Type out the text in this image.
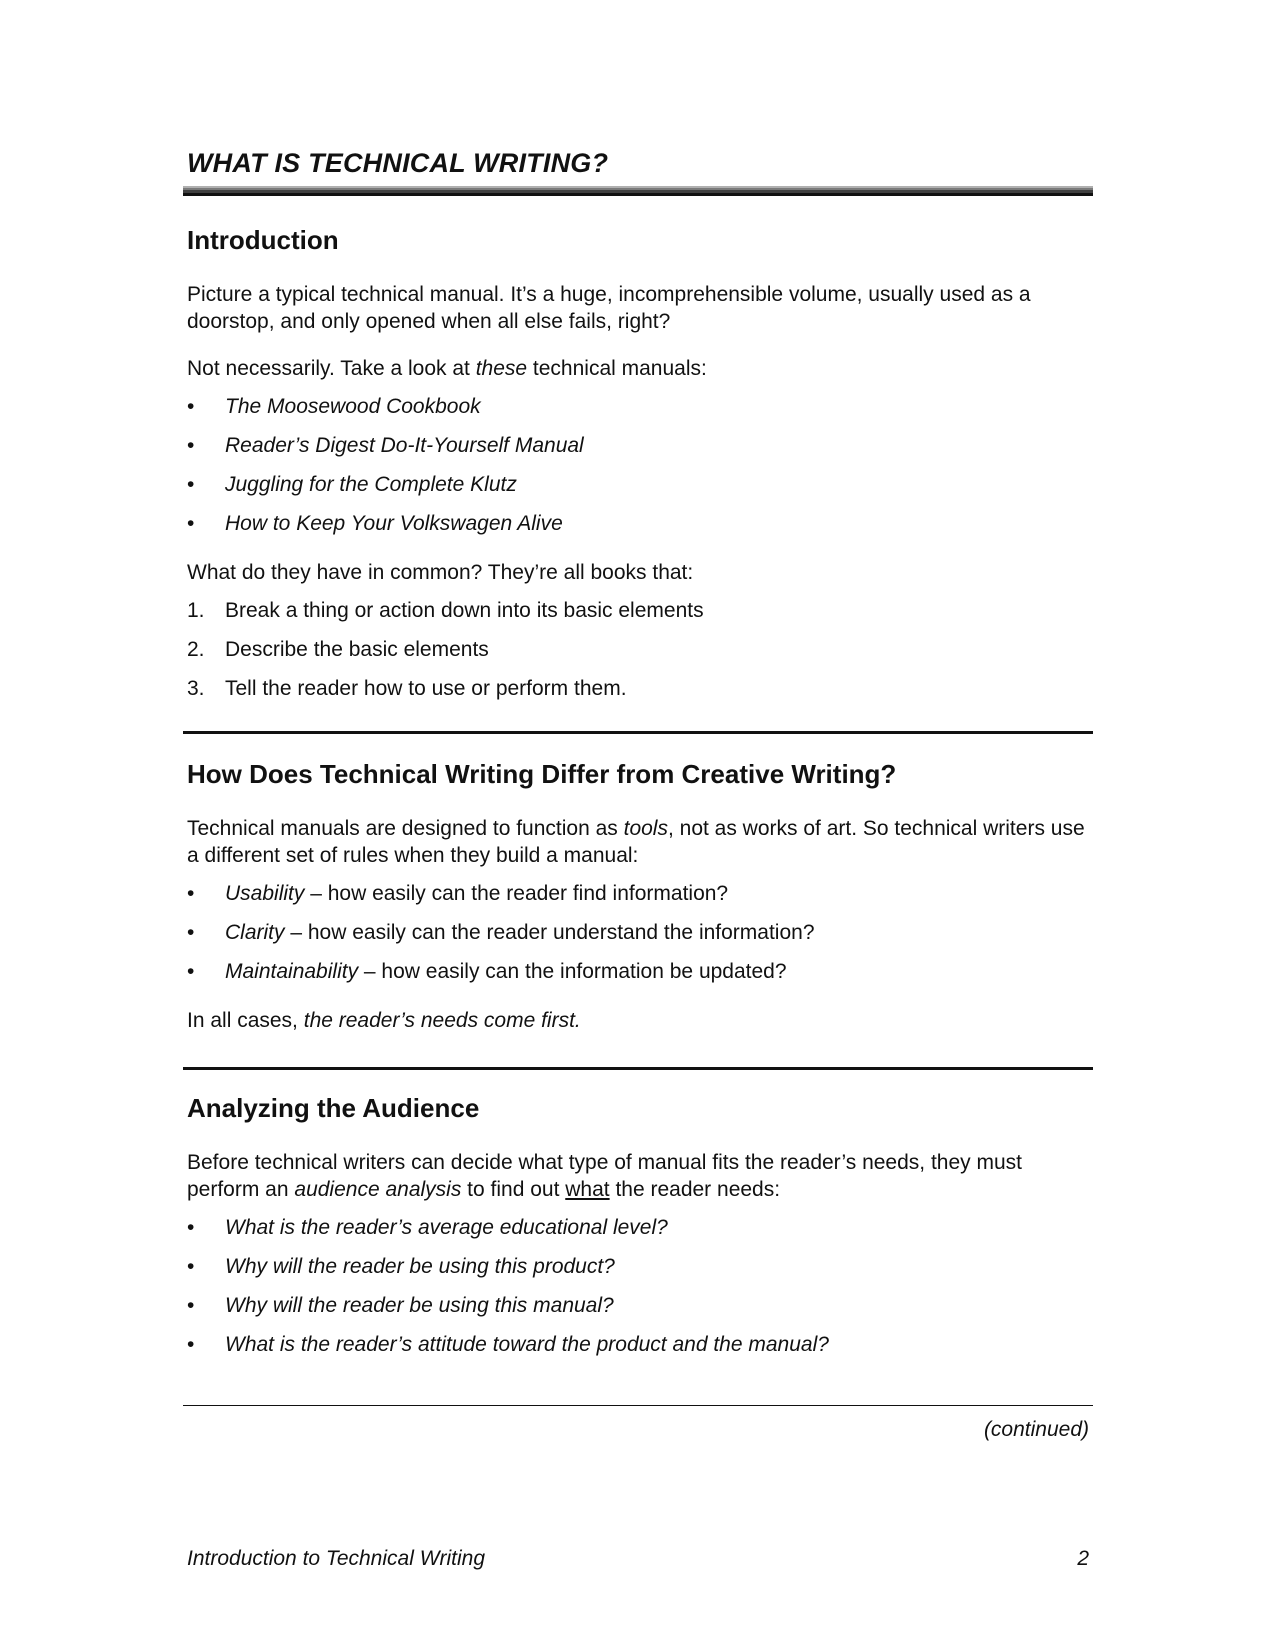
WHAT IS TECHNICAL WRITING?
Introduction

Picture a typical technical manual. It’s a huge, incomprehensible volume, usually used as a doorstop, and only opened when all else fails, right?

Not necessarily. Take a look at these technical manuals:

•	The Moosewood Cookbook
•	Reader’s Digest Do-It-Yourself Manual
•	Juggling for the Complete Klutz
•	How to Keep Your Volkswagen Alive

What do they have in common? They’re all books that:

1. Break a thing or action down into its basic elements
2. Describe the basic elements
3. Tell the reader how to use or perform them.
How Does Technical Writing Differ from Creative Writing?

Technical manuals are designed to function as tools, not as works of art. So technical writers use a different set of rules when they build a manual:

•	Usability – how easily can the reader find information?
•	Clarity – how easily can the reader understand the information?
•	Maintainability – how easily can the information be updated?

In all cases, the reader’s needs come first.

Analyzing the Audience

Before technical writers can decide what type of manual fits the reader’s needs, they must perform an audience analysis to find out what the reader needs:

•	What is the reader’s average educational level?
•	Why will the reader be using this product?
•	Why will the reader be using this manual?
•	What is the reader’s attitude toward the product and the manual?
(continued)
Introduction to Technical Writing	2
